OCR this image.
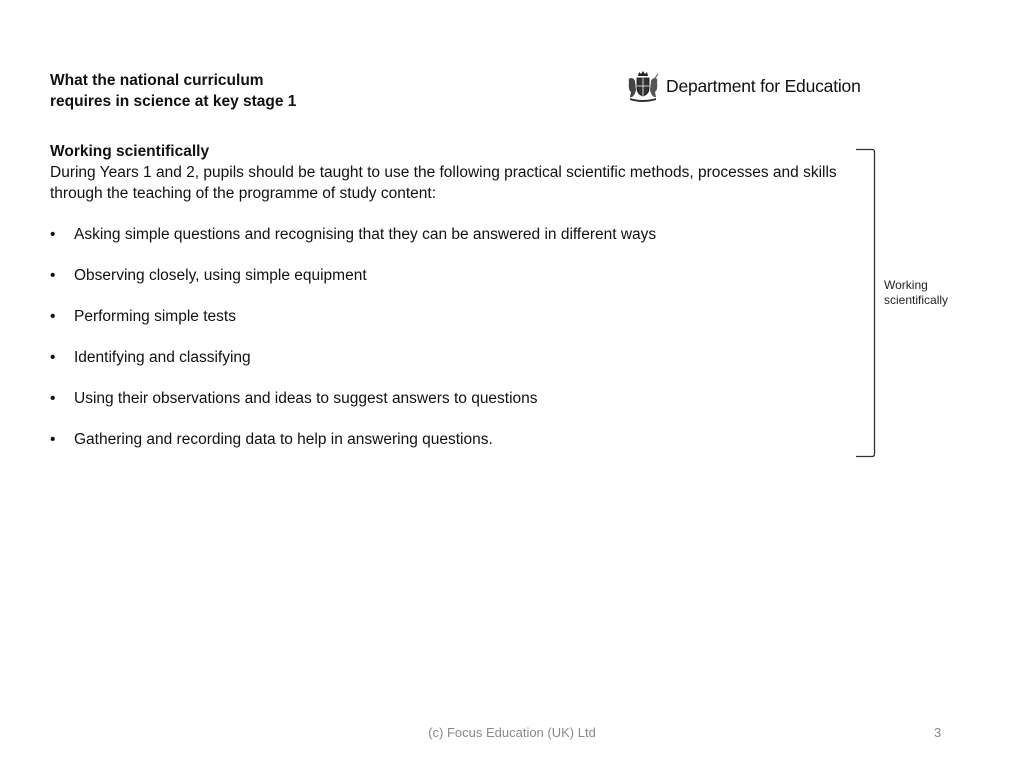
What the national curriculum
requires in science at key stage 1
Department for Education

Working scientifically

During Years 1 and 2, pupils should be taught to use the following practical scientific methods, processes and skills through the teaching of the programme of study content:

•	Asking simple questions and recognising that they can be answered in different ways
•	Observing closely, using simple equipment
•	Performing simple tests
•	Identifying and classifying
•	Using their observations and ideas to suggest answers to questions
•	Gathering and recording data to help in answering questions.
Working
scientifically
(c) Focus Education (UK) Ltd	3
